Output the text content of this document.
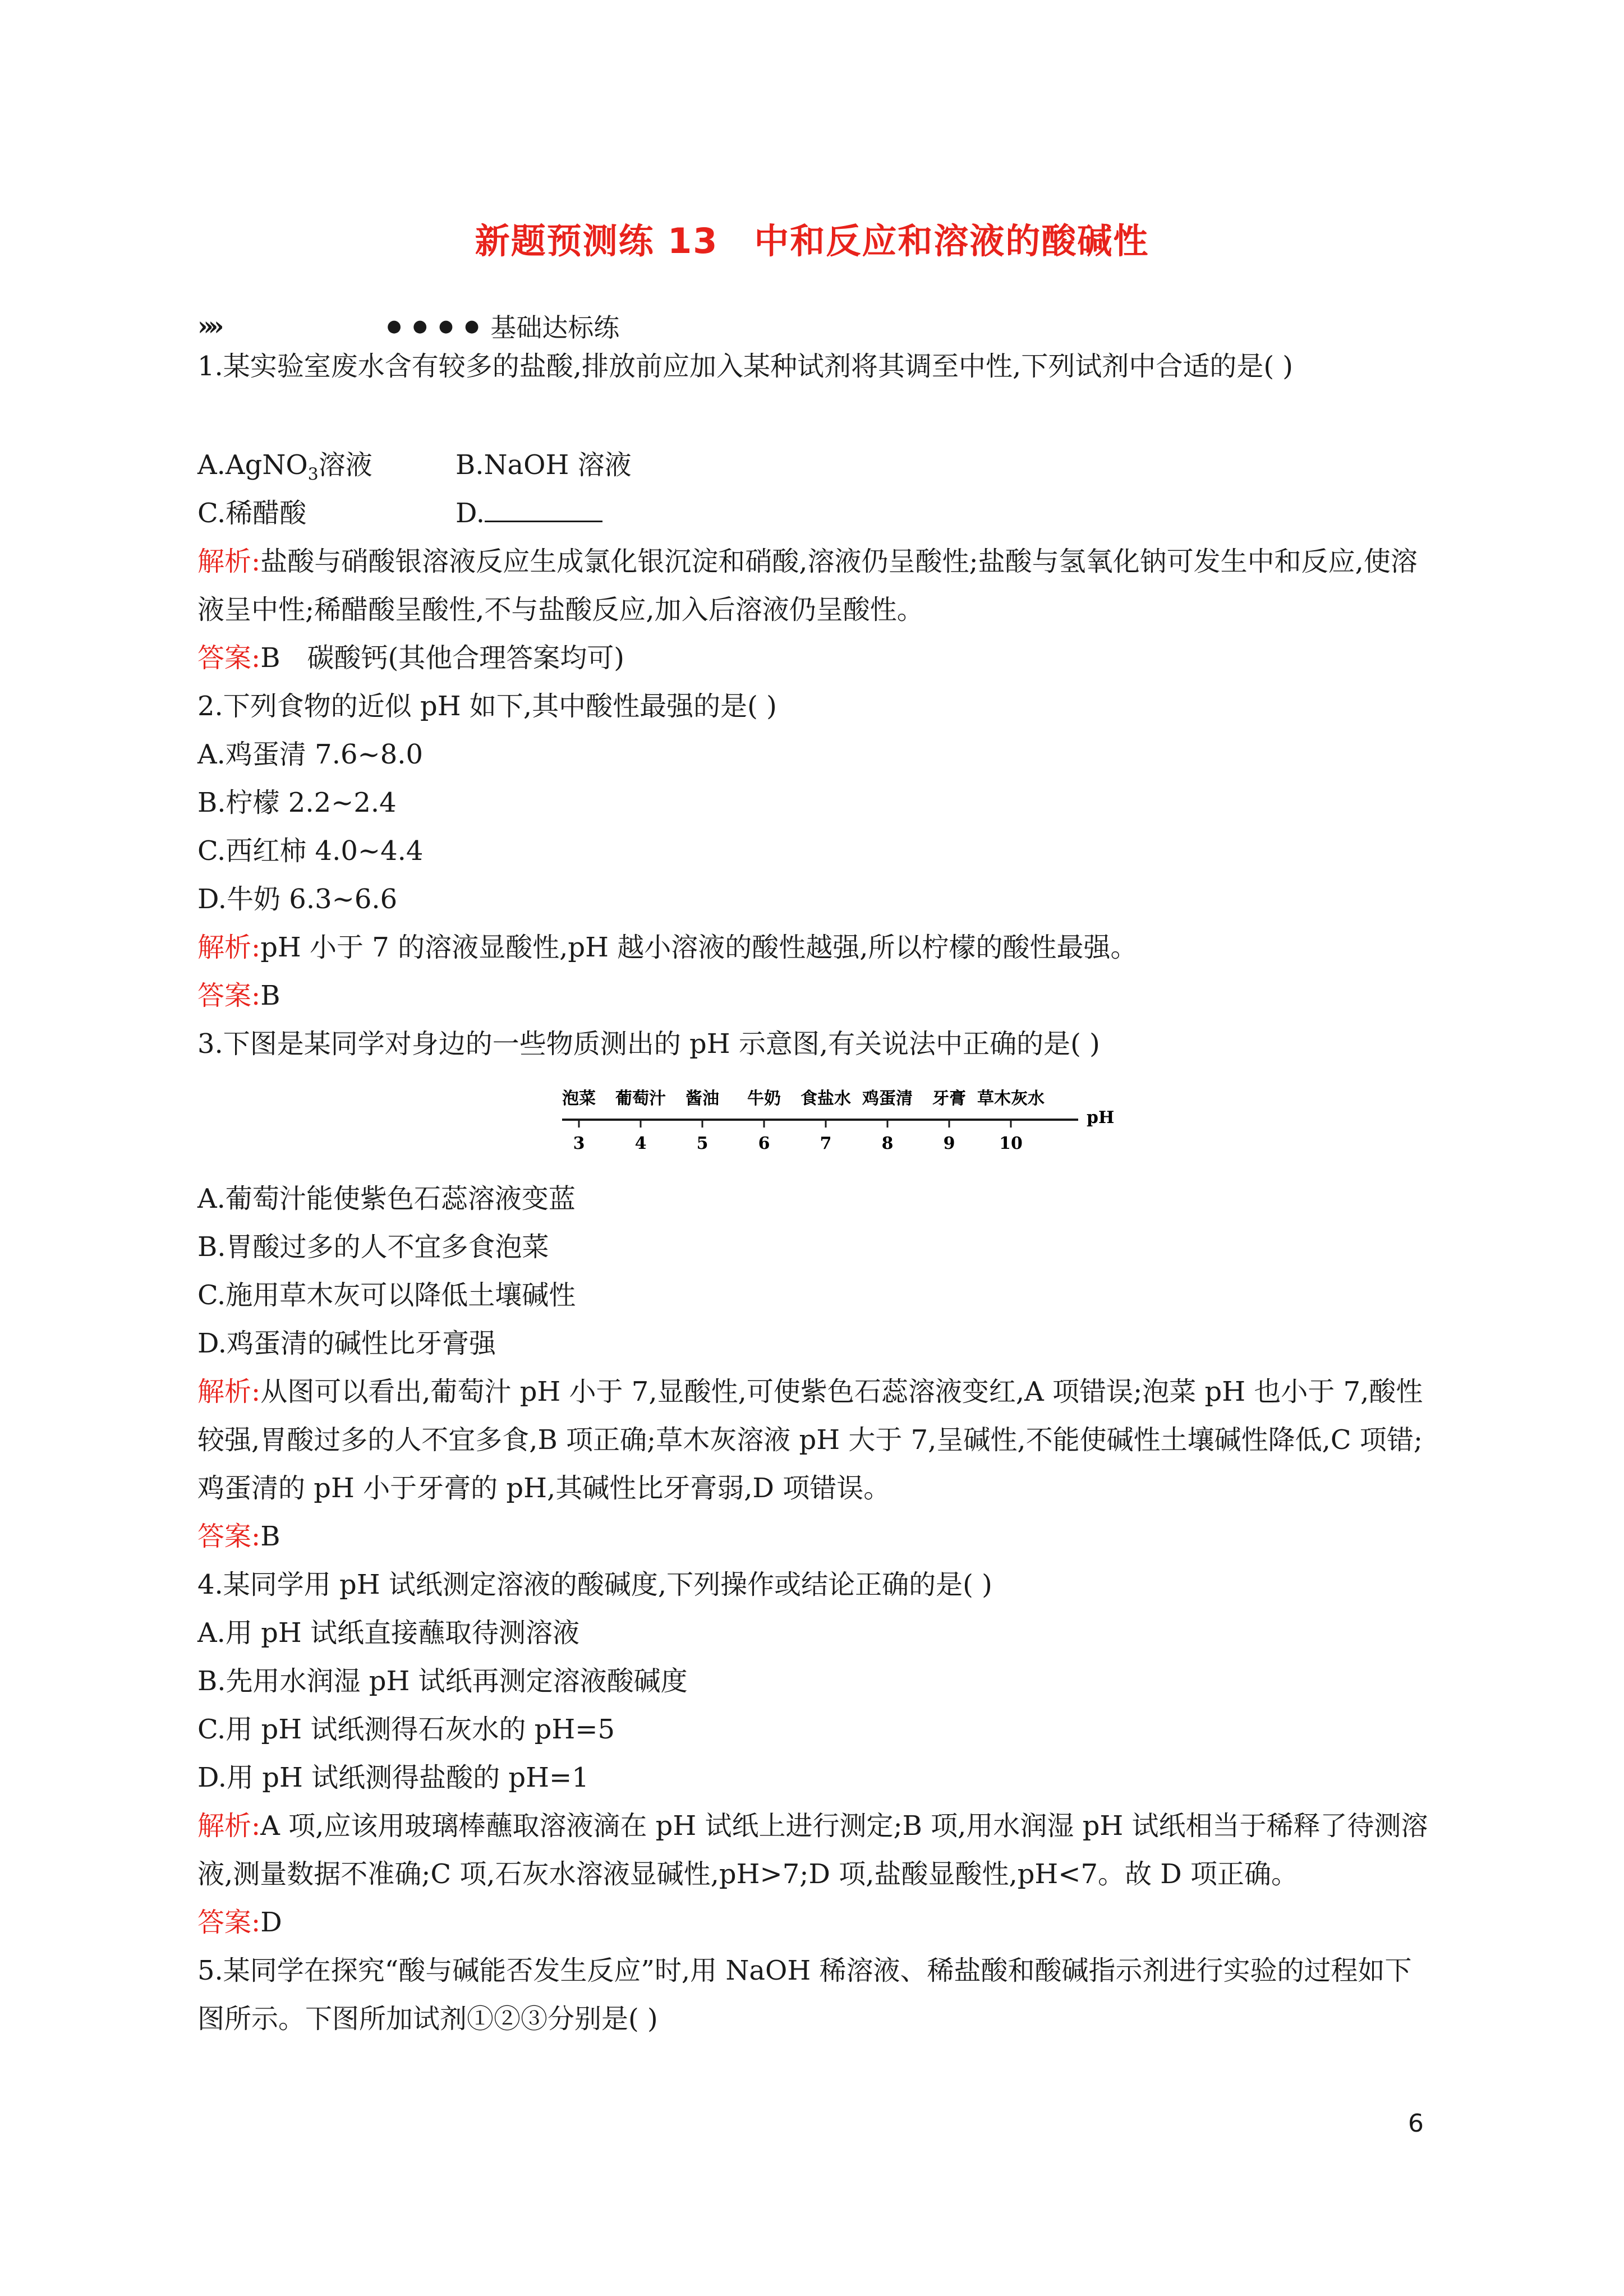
新题预测练 13　中和反应和溶液的酸碱性
»»	●●●● 基础达标练
1.某实验室废水含有较多的盐酸,排放前应加入某种试剂将其调至中性,下列试剂中合适的是( )
A.AgNO$_3$溶液	B.NaOH 溶液
C.稀醋酸	D.
解析:盐酸与硝酸银溶液反应生成氯化银沉淀和硝酸,溶液仍呈酸性;盐酸与氢氧化钠可发生中和反应,使溶液呈中性;稀醋酸呈酸性,不与盐酸反应,加入后溶液仍呈酸性。
答案:B　碳酸钙(其他合理答案均可)
2.下列食物的近似 pH 如下,其中酸性最强的是( )
A.鸡蛋清 7.6~8.0
B.柠檬 2.2~2.4
C.西红柿 4.0~4.4
D.牛奶 6.3~6.6
解析:pH 小于 7 的溶液显酸性,pH 越小溶液的酸性越强,所以柠檬的酸性最强。
答案:B
3.下图是某同学对身边的一些物质测出的 pH 示意图,有关说法中正确的是( )
pH
泡菜 葡萄汁 酱油 牛奶 食盐水 鸡蛋清 牙膏 草木灰水
3	4	5	6	7	8	9	10
A.葡萄汁能使紫色石蕊溶液变蓝
B.胃酸过多的人不宜多食泡菜
C.施用草木灰可以降低土壤碱性
D.鸡蛋清的碱性比牙膏强
解析:从图可以看出,葡萄汁 pH 小于 7,显酸性,可使紫色石蕊溶液变红,A 项错误;泡菜 pH 也小于 7,酸性较强,胃酸过多的人不宜多食,B 项正确;草木灰溶液 pH 大于 7,呈碱性,不能使碱性土壤碱性降低,C 项错;鸡蛋清的 pH 小于牙膏的 pH,其碱性比牙膏弱,D 项错误。
答案:B
4.某同学用 pH 试纸测定溶液的酸碱度,下列操作或结论正确的是( )
A.用 pH 试纸直接蘸取待测溶液
B.先用水润湿 pH 试纸再测定溶液酸碱度
C.用 pH 试纸测得石灰水的 pH=5
D.用 pH 试纸测得盐酸的 pH=1
解析:A 项,应该用玻璃棒蘸取溶液滴在 pH 试纸上进行测定;B 项,用水润湿 pH 试纸相当于稀释了待测溶液,测量数据不准确;C 项,石灰水溶液显碱性,pH>7;D 项,盐酸显酸性,pH<7。故 D 项正确。
答案:D
5.某同学在探究“酸与碱能否发生反应”时,用 NaOH 稀溶液、稀盐酸和酸碱指示剂进行实验的过程如下图所示。下图所加试剂①②③分别是( )
6
